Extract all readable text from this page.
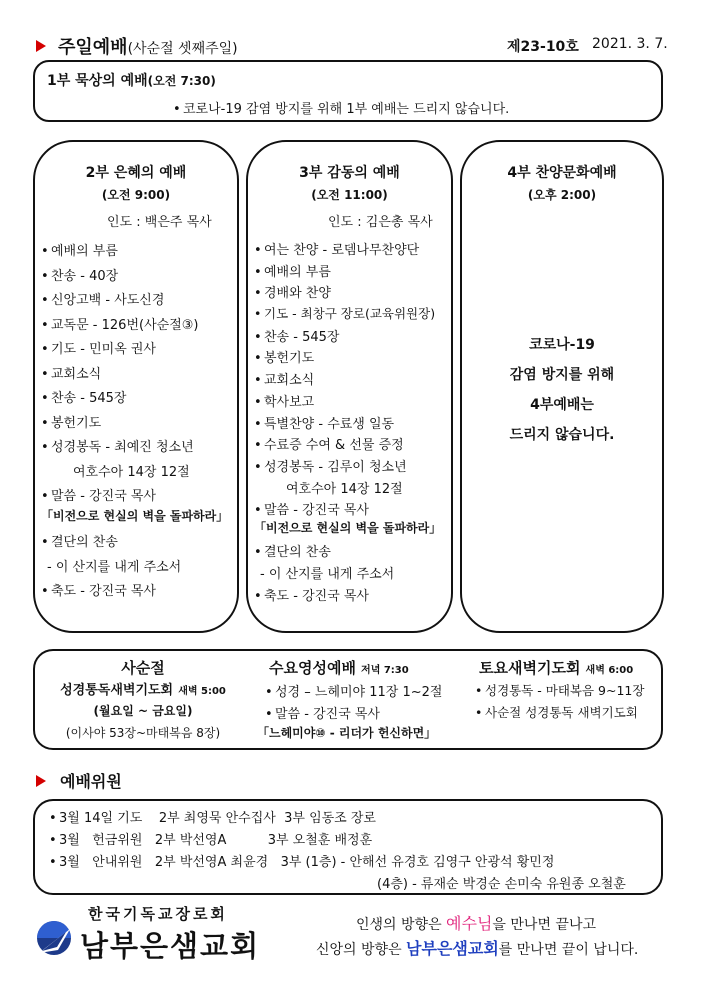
주일예배(사순절 셋째주일)	제23-10호 2021. 3. 7.
1부 묵상의 예배(오전 7:30)
• 코로나-19 감염 방지를 위해 1부 예배는 드리지 않습니다.
2부 은혜의 예배
(오전 9:00)
인도 : 백은주 목사
• 예배의 부름
• 찬송 - 40장
• 신앙고백 - 사도신경
• 교독문 - 126번(사순절③)
• 기도 - 민미옥 권사
• 교회소식
• 찬송 - 545장
• 봉헌기도
• 성경봉독 - 최예진 청소년
여호수아 14장 12절
• 말씀 - 강진국 목사
「비전으로 현실의 벽을 돌파하라」
• 결단의 찬송
- 이 산지를 내게 주소서
• 축도 - 강진국 목사
3부 감동의 예배
(오전 11:00)
인도 : 김은총 목사
• 여는 찬양 - 로뎀나무찬양단
• 예배의 부름
• 경배와 찬양
• 기도 - 최창구 장로(교육위원장)
• 찬송 - 545장
• 봉헌기도
• 교회소식
• 학사보고
• 특별찬양 - 수료생 일동
• 수료증 수여 & 선물 증정
• 성경봉독 - 김루이 청소년
여호수아 14장 12절
• 말씀 - 강진국 목사
「비전으로 현실의 벽을 돌파하라」
• 결단의 찬송
- 이 산지를 내게 주소서
• 축도 - 강진국 목사
4부 찬양문화예배
(오후 2:00)
코로나-19
감염 방지를 위해
4부예배는
드리지 않습니다.
사순절
성경통독새벽기도회 새벽 5:00
(월요일 ~ 금요일)
(이사야 53장~마태복음 8장)
수요영성예배 저녁 7:30
• 성경 – 느헤미야 11장 1~2절
• 말씀 - 강진국 목사
「느헤미야⑩ - 리더가 헌신하면」
토요새벽기도회 새벽 6:00
• 성경통독 - 마태복음 9~11장
• 사순절 성경통독 새벽기도회
예배위원
• 3월 14일 기도    2부 최영묵 안수집사  3부 임동조 장로
• 3월   헌금위원   2부 박선영A          3부 오철훈 배정훈
• 3월   안내위원   2부 박선영A 최윤경   3부 (1층) - 안해선 유경호 김영구 안광석 황민정
(4층) - 류재순 박경순 손미숙 유원종 오철훈
한국기독교장로회
남부은샘교회
인생의 방향은 예수님을 만나면 끝나고
신앙의 방향은 남부은샘교회를 만나면 끝이 납니다.
